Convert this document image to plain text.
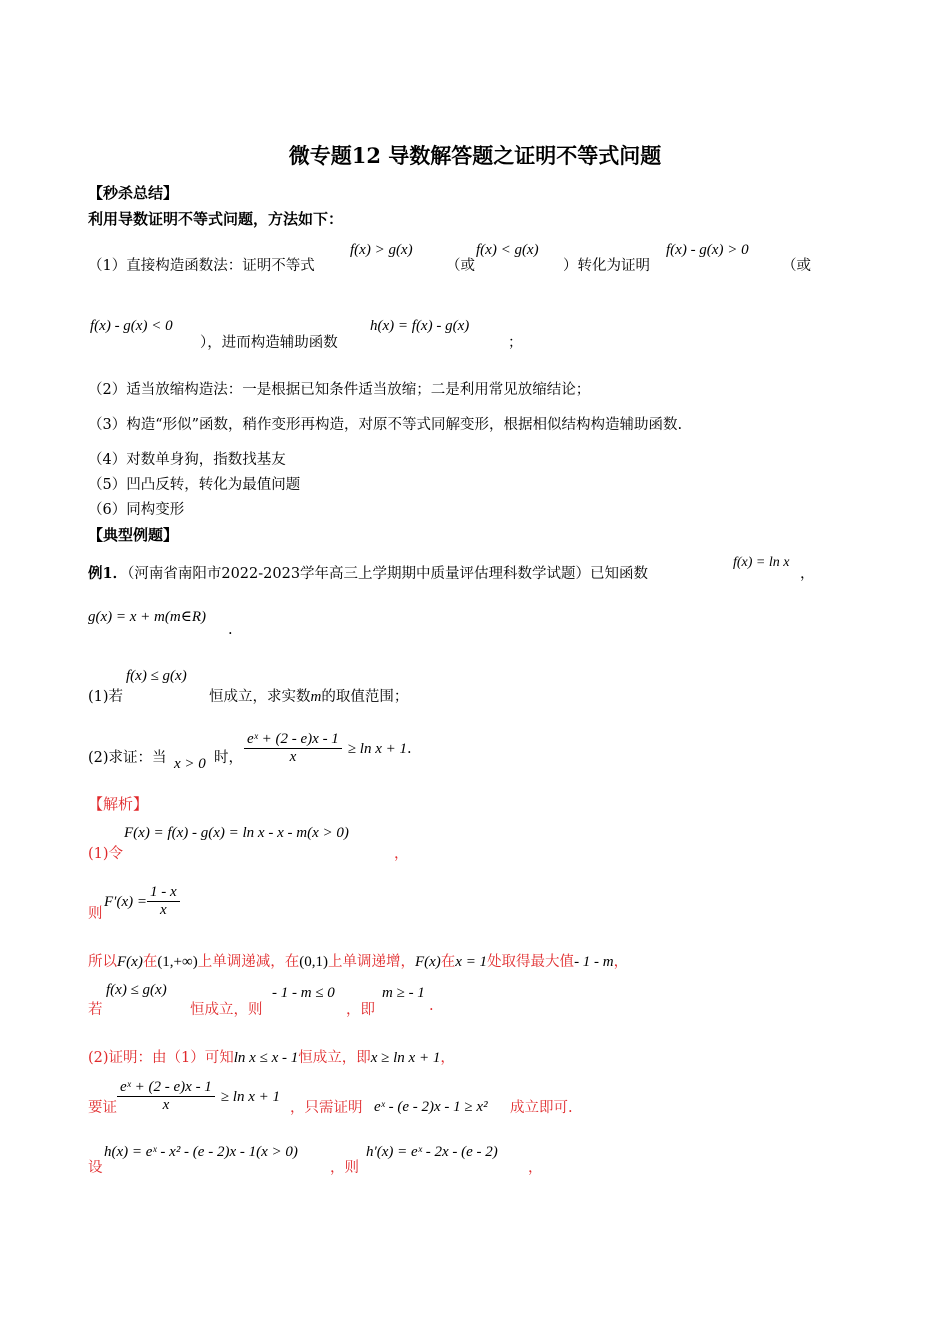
微专题12 导数解答题之证明不等式问题
【秒杀总结】
利用导数证明不等式问题，方法如下：
（1）直接构造函数法：证明不等式
f(x) > g(x)
（或
f(x) < g(x)
）转化为证明
f(x) - g(x) > 0
（或
f(x) - g(x) < 0
），进而构造辅助函数
h(x) = f(x) - g(x)
；
（2）适当放缩构造法：一是根据已知条件适当放缩；二是利用常见放缩结论；
（3）构造“形似”函数，稍作变形再构造，对原不等式同解变形，根据相似结构构造辅助函数.
（4）对数单身狗，指数找基友
（5）凹凸反转，转化为最值问题
（6）同构变形
【典型例题】
例1．（河南省南阳市2022-2023学年高三上学期期中质量评估理科数学试题）已知函数
f(x) = ln x
，
g(x) = x + m(m∈R)
.
(1)若
f(x) ≤ g(x)
恒成立，求实数m的取值范围；
(2)求证：当 x > 0 时， $\frac{\text{eˣ + (2 - e)x - 1}}{x} \ge \ln x + 1$.
【解析】
(1)令
F(x) = f(x) - g(x) = ln x - x - m(x > 0)
，
则
$F'(x) = \frac{1 - x}{x}$
所以F(x)在(1,+∞)上单调递减，在(0,1)上单调递增，F(x)在x = 1处取得最大值- 1 - m，
若
f(x) ≤ g(x)
恒成立，则
- 1 - m ≤ 0
，即
m ≥ - 1
.
(2)证明：由（1）可知ln x ≤ x - 1恒成立，即x ≥ ln x + 1，
要证 $\frac{\text{eˣ + (2 - e)x - 1}}{x} \ge \ln x + 1$
，只需证明 eˣ - (e - 2)x - 1 ≥ x² 成立即可.
设
h(x) = eˣ - x² - (e - 2)x - 1(x > 0)
，则
h′(x) = eˣ - 2x - (e - 2)
，
